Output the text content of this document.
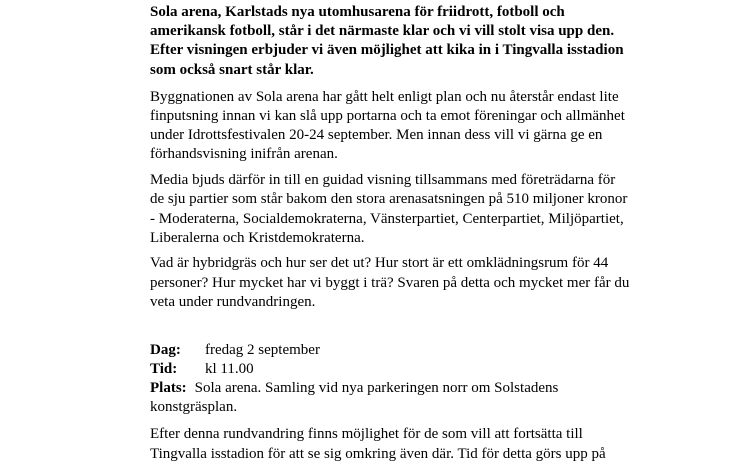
Sola arena, Karlstads nya utomhusarena för friidrott, fotboll och amerikansk fotboll, står i det närmaste klar och vi vill stolt visa upp den. Efter visningen erbjuder vi även möjlighet att kika in i Tingvalla isstadion som också snart står klar.

Byggnationen av Sola arena har gått helt enligt plan och nu återstår endast lite finputsning innan vi kan slå upp portarna och ta emot föreningar och allmänhet under Idrottsfestivalen 20-24 september. Men innan dess vill vi gärna ge en förhandsvisning inifrån arenan.

Media bjuds därför in till en guidad visning tillsammans med företrädarna för de sju partier som står bakom den stora arenasatsningen på 510 miljoner kronor - Moderaterna, Socialdemokraterna, Vänsterpartiet, Centerpartiet, Miljöpartiet, Liberalerna och Kristdemokraterna.

Vad är hybridgräs och hur ser det ut? Hur stort är ett omklädningsrum för 44 personer? Hur mycket har vi byggt i trä? Svaren på detta och mycket mer får du veta under rundvandringen.

Dag: fredag 2 september
Tid: kl 11.00
Plats: Sola arena. Samling vid nya parkeringen norr om Solstadens konstgräsplan.

Efter denna rundvandring finns möjlighet för de som vill att fortsätta till Tingvalla isstadion för att se sig omkring även där. Tid för detta görs upp på
